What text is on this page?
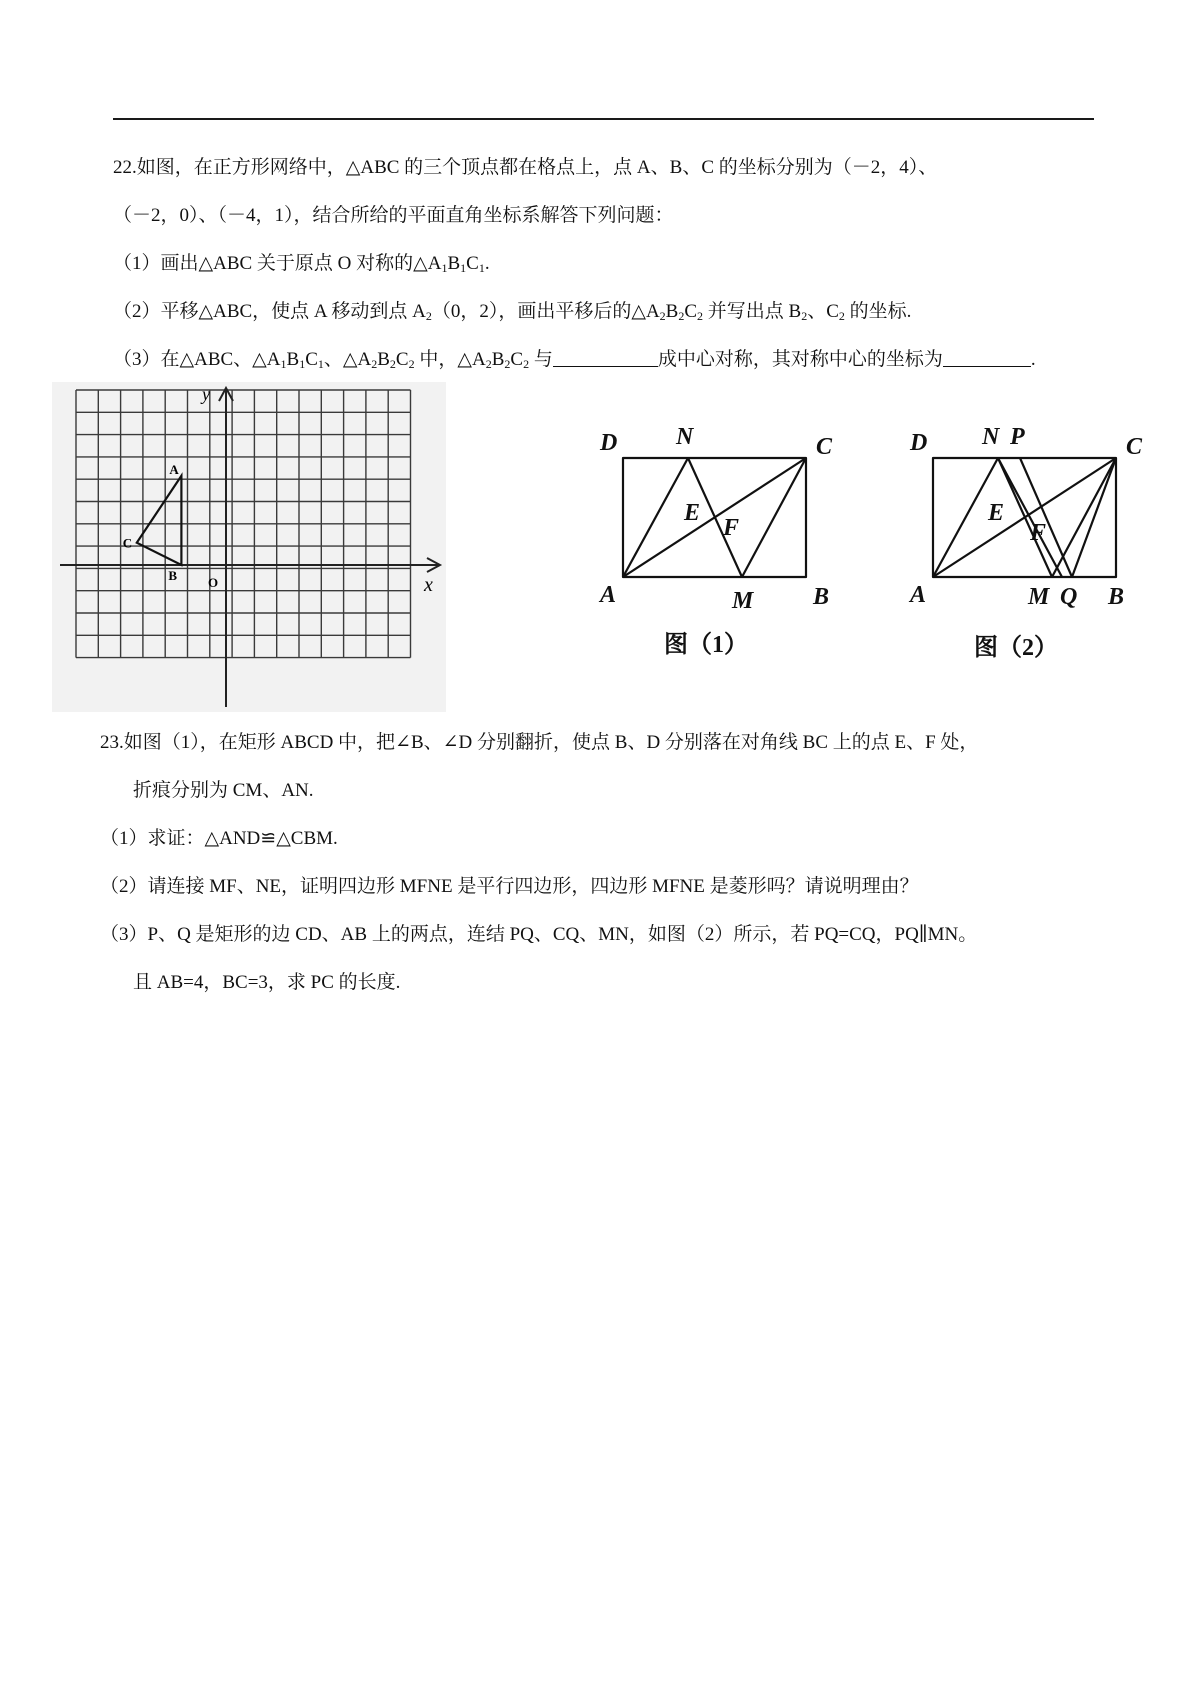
22.如图，在正方形网络中，△ABC 的三个顶点都在格点上，点 A、B、C 的坐标分别为（－2，4）、
（－2，0）、（－4，1），结合所给的平面直角坐标系解答下列问题：
（1）画出△ABC 关于原点 O 对称的$\triangle A_1B_1C_1$.
（2）平移△ABC，使点 A 移动到点 $A_2(0$，2），画出平移后的$\triangle A_2B_2C_2$ 并写出点 $B_2$、$C_2$ 的坐标.
（3）在△ABC、$\triangle A_1B_1C_1$、$\triangle A_2B_2C_2$ 中，$\triangle A_2B_2C_2$ 与	成中心对称，其对称中心的坐标为	.
x
y
O
A
B
C
D N	C
E
F
A	M B
图（1）
D N P	C
E
F
A	M Q B
图（2）
23.如图（1），在矩形 ABCD 中，把∠B、∠D 分别翻折，使点 B、D 分别落在对角线 BC 上的点 E、F 处，
折痕分别为 CM、AN.
（1）求证：△AND≌△CBM.
（2）请连接 MF、NE，证明四边形 MFNE 是平行四边形，四边形 MFNE 是菱形吗？请说明理由？
（3）P、Q 是矩形的边 CD、AB 上的两点，连结 PQ、CQ、MN，如图（2）所示，若 PQ=CQ，PQ∥MN。
且 AB=4，BC=3，求 PC 的长度.
